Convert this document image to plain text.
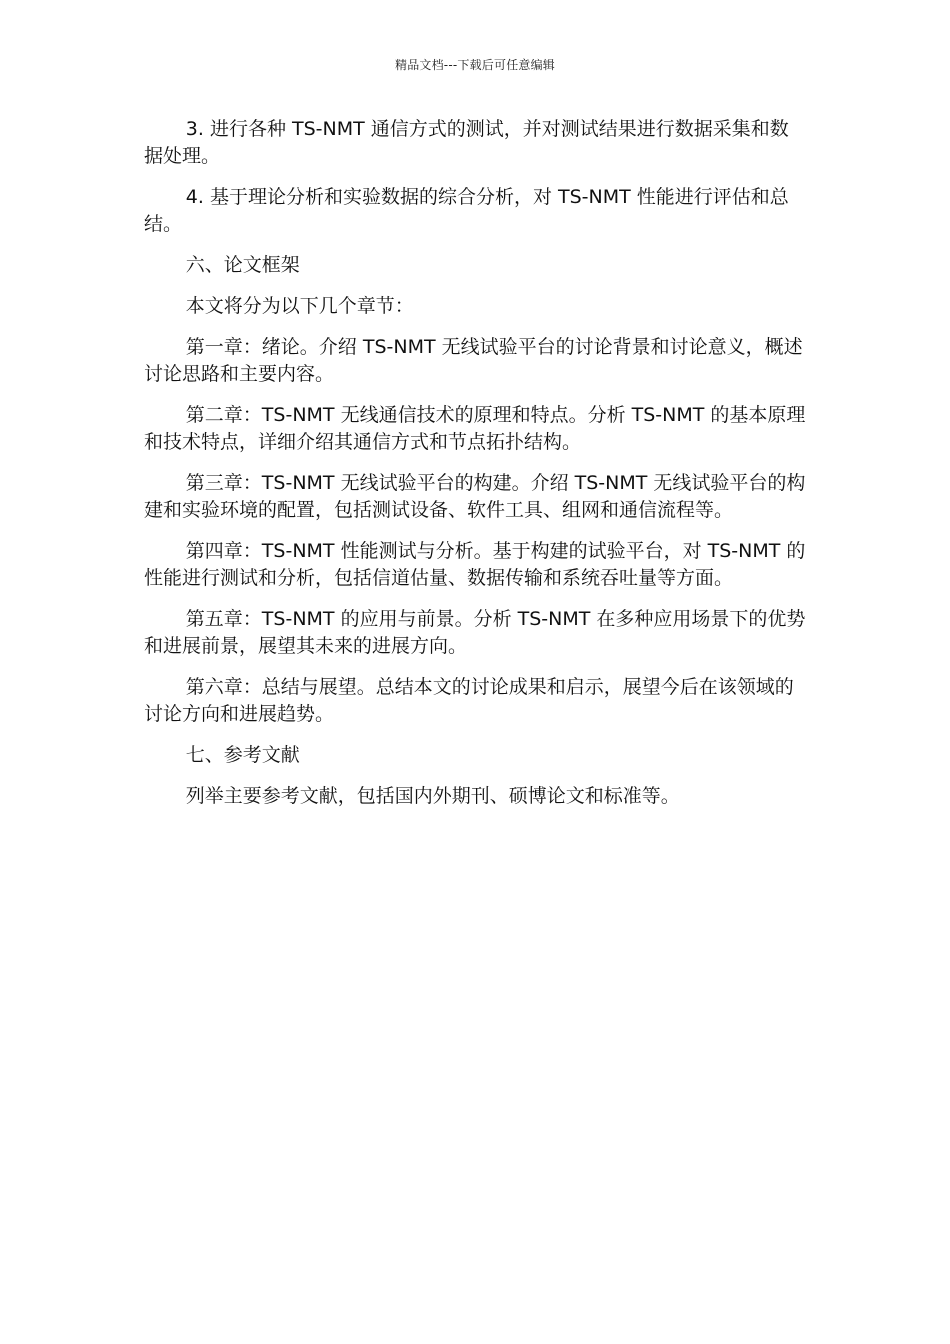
精品文档---下载后可任意编辑

3. 进行各种 TS-NMT 通信方式的测试，并对测试结果进行数据采集和数据处理。

4. 基于理论分析和实验数据的综合分析，对 TS-NMT 性能进行评估和总结。

六、论文框架

本文将分为以下几个章节：

第一章：绪论。介绍 TS-NMT 无线试验平台的讨论背景和讨论意义，概述讨论思路和主要内容。

第二章：TS-NMT 无线通信技术的原理和特点。分析 TS-NMT 的基本原理和技术特点，详细介绍其通信方式和节点拓扑结构。

第三章：TS-NMT 无线试验平台的构建。介绍 TS-NMT 无线试验平台的构建和实验环境的配置，包括测试设备、软件工具、组网和通信流程等。

第四章：TS-NMT 性能测试与分析。基于构建的试验平台，对 TS-NMT 的性能进行测试和分析，包括信道估量、数据传输和系统吞吐量等方面。

第五章：TS-NMT 的应用与前景。分析 TS-NMT 在多种应用场景下的优势和进展前景，展望其未来的进展方向。

第六章：总结与展望。总结本文的讨论成果和启示，展望今后在该领域的讨论方向和进展趋势。

七、参考文献

列举主要参考文献，包括国内外期刊、硕博论文和标准等。
